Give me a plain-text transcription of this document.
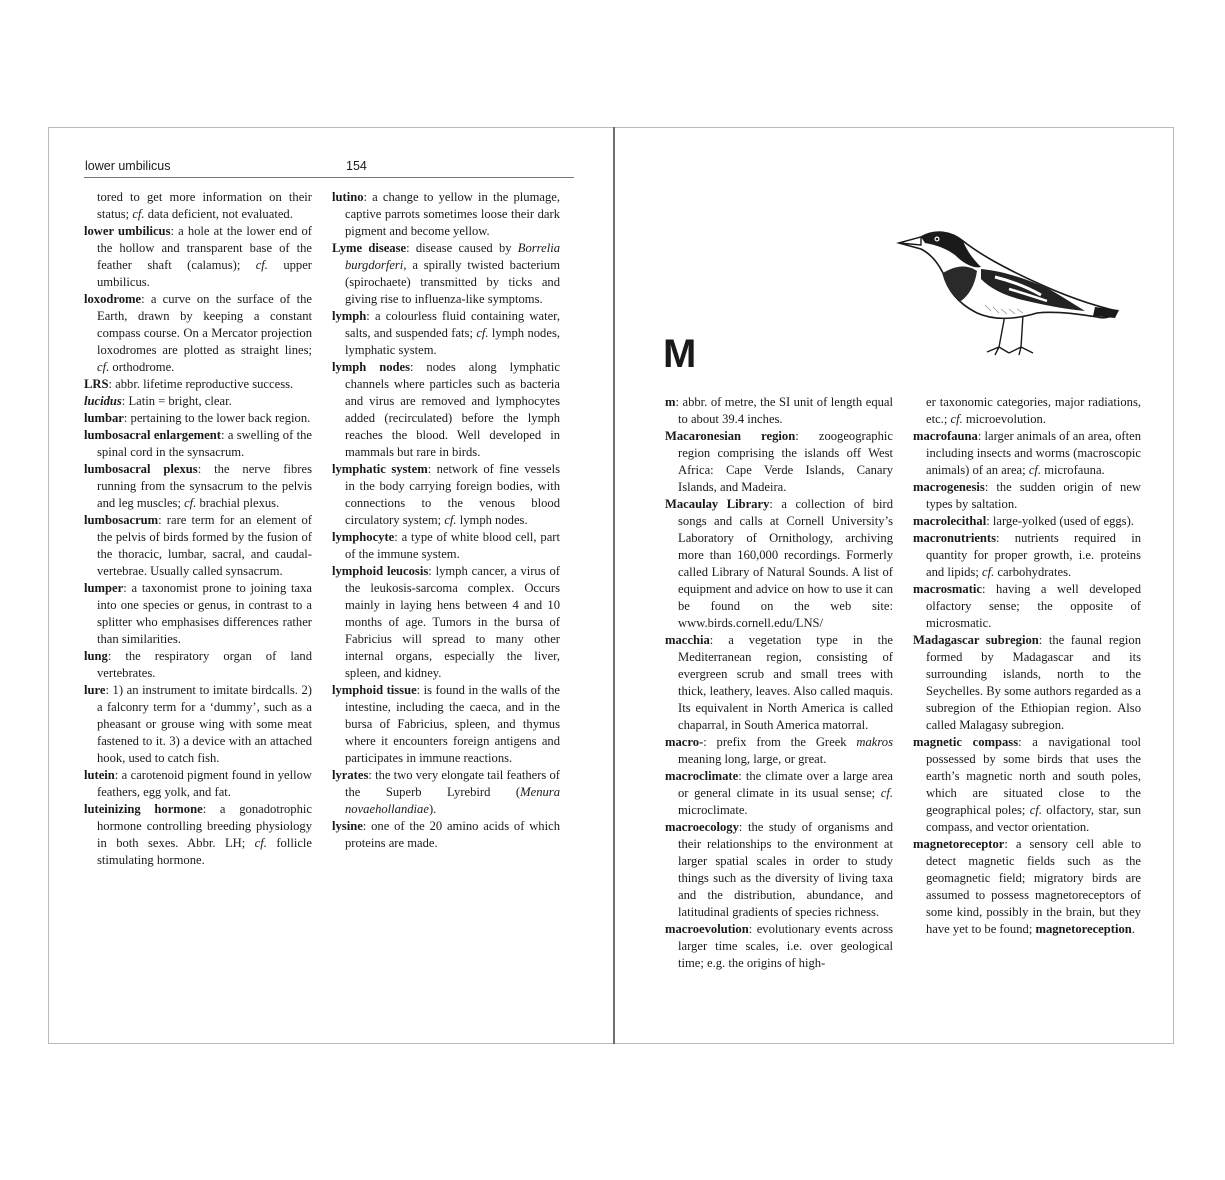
lower umbilicus	154

tored to get more information on their status; cf. data deficient, not evaluated.

lower umbilicus: a hole at the lower end of the hollow and transparent base of the feather shaft (calamus); cf. upper umbilicus.

loxodrome: a curve on the surface of the Earth, drawn by keeping a constant compass course. On a Mercator projection loxodromes are plotted as straight lines; cf. orthodrome.

LRS: abbr. lifetime reproductive success.

lucidus: Latin = bright, clear.

lumbar: pertaining to the lower back region.

lumbosacral enlargement: a swelling of the spinal cord in the synsacrum.

lumbosacral plexus: the nerve fibres running from the synsacrum to the pelvis and leg muscles; cf. brachial plexus.

lumbosacrum: rare term for an element of the pelvis of birds formed by the fusion of the thoracic, lumbar, sacral, and caudal-vertebrae. Usually called synsacrum.

lumper: a taxonomist prone to joining taxa into one species or genus, in contrast to a splitter who emphasises differences rather than similarities.

lung: the respiratory organ of land vertebrates.

lure: 1) an instrument to imitate birdcalls. 2) a falconry term for a ‘dummy’, such as a pheasant or grouse wing with some meat fastened to it. 3) a device with an attached hook, used to catch fish.

lutein: a carotenoid pigment found in yellow feathers, egg yolk, and fat.

luteinizing hormone: a gonadotrophic hormone controlling breeding physiology in both sexes. Abbr. LH; cf. follicle stimulating hormone.

lutino: a change to yellow in the plumage, captive parrots sometimes loose their dark pigment and become yellow.

Lyme disease: disease caused by Borrelia burgdorferi, a spirally twisted bacterium (spirochaete) transmitted by ticks and giving rise to influenza-like symptoms.

lymph: a colourless fluid containing water, salts, and suspended fats; cf. lymph nodes, lymphatic system.

lymph nodes: nodes along lymphatic channels where particles such as bacteria and virus are removed and lymphocytes added (recirculated) before the lymph reaches the blood. Well developed in mammals but rare in birds.

lymphatic system: network of fine vessels in the body carrying foreign bodies, with connections to the venous blood circulatory system; cf. lymph nodes.

lymphocyte: a type of white blood cell, part of the immune system.

lymphoid leucosis: lymph cancer, a virus of the leukosis-sarcoma complex. Occurs mainly in laying hens between 4 and 10 months of age. Tumors in the bursa of Fabricius will spread to many other internal organs, especially the liver, spleen, and kidney.

lymphoid tissue: is found in the walls of the intestine, including the caeca, and in the bursa of Fabricius, spleen, and thymus where it encounters foreign antigens and participates in immune reactions.

lyrates: the two very elongate tail feathers of the Superb Lyrebird (Menura novaehollandiae).

lysine: one of the 20 amino acids of which proteins are made.

M

m: abbr. of metre, the SI unit of length equal to about 39.4 inches.

Macaronesian region: zoogeographic region comprising the islands off West Africa: Cape Verde Islands, Canary Islands, and Madeira.

Macaulay Library: a collection of bird songs and calls at Cornell University’s Laboratory of Ornithology, archiving more than 160,000 recordings. Formerly called Library of Natural Sounds. A list of equipment and advice on how to use it can be found on the web site: www.birds.cornell.edu/LNS/

macchia: a vegetation type in the Mediterranean region, consisting of evergreen scrub and small trees with thick, leathery, leaves. Also called maquis. Its equivalent in North America is called chaparral, in South America matorral.

macro-: prefix from the Greek makros meaning long, large, or great.

macroclimate: the climate over a large area or general climate in its usual sense; cf. microclimate.

macroecology: the study of organisms and their relationships to the environment at larger spatial scales in order to study things such as the diversity of living taxa and the distribution, abundance, and latitudinal gradients of species richness.

macroevolution: evolutionary events across larger time scales, i.e. over geological time; e.g. the origins of high-

er taxonomic categories, major radiations, etc.; cf. microevolution.

macrofauna: larger animals of an area, often including insects and worms (macroscopic animals) of an area; cf. microfauna.

macrogenesis: the sudden origin of new types by saltation.

macrolecithal: large-yolked (used of eggs).

macronutrients: nutrients required in quantity for proper growth, i.e. proteins and lipids; cf. carbohydrates.

macrosmatic: having a well developed olfactory sense; the opposite of microsmatic.

Madagascar subregion: the faunal region formed by Madagascar and its surrounding islands, north to the Seychelles. By some authors regarded as a subregion of the Ethiopian region. Also called Malagasy subregion.

magnetic compass: a navigational tool possessed by some birds that uses the earth’s magnetic north and south poles, which are situated close to the geographical poles; cf. olfactory, star, sun compass, and vector orientation.

magnetoreceptor: a sensory cell able to detect magnetic fields such as the geomagnetic field; migratory birds are assumed to possess magnetoreceptors of some kind, possibly in the brain, but they have yet to be found; magnetoreception.
